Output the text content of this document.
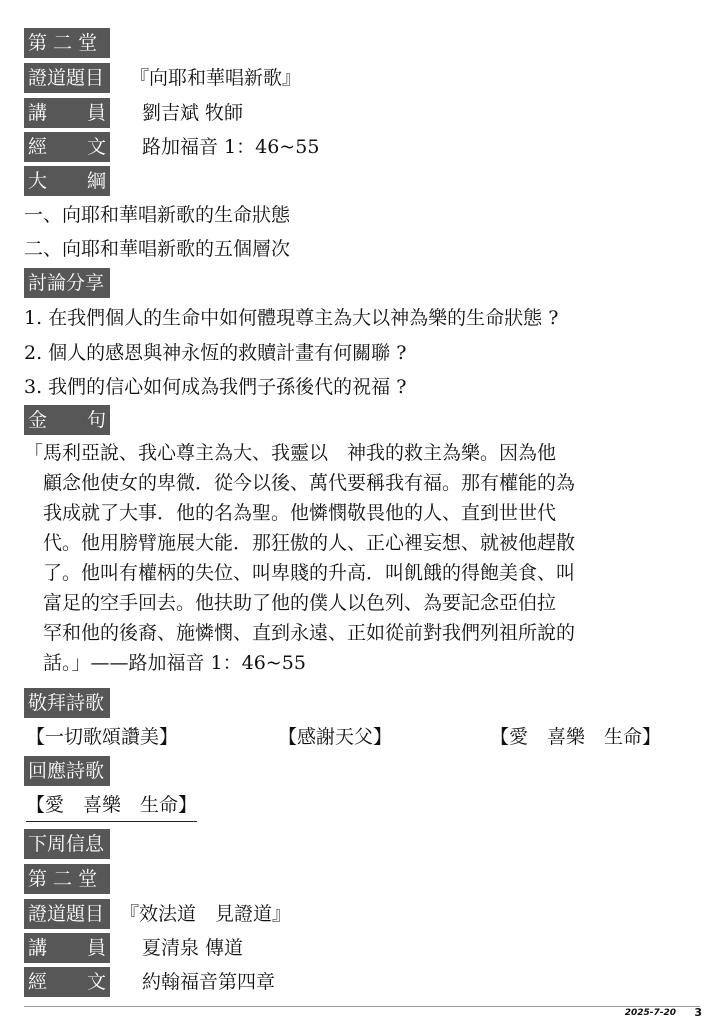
第 二 堂
證道題目	『向耶和華唱新歌』
講 員 劉吉斌 牧師
經 文 路加福音 1：46~55
大 綱
一、向耶和華唱新歌的生命狀態
二、向耶和華唱新歌的五個層次
討論分享
1. 在我們個人的生命中如何體現尊主為大以神為樂的生命狀態 ?
2. 個人的感恩與神永恆的救贖計畫有何關聯 ?
3. 我們的信心如何成為我們子孫後代的祝福 ?
金 句
「馬利亞說、我心尊主為大、我靈以　神我的救主為樂。因為他
　顧念他使女的卑微．從今以後、萬代要稱我有福。那有權能的為
　我成就了大事．他的名為聖。他憐憫敬畏他的人、直到世世代
　代。他用膀臂施展大能．那狂傲的人、正心裡妄想、就被他趕散
　了。他叫有權柄的失位、叫卑賤的升高．叫飢餓的得飽美食、叫
　富足的空手回去。他扶助了他的僕人以色列、為要記念亞伯拉
　罕和他的後裔、施憐憫、直到永遠、正如從前對我們列祖所說的
　話。」——路加福音 1：46~55
敬拜詩歌
【一切歌頌讚美】	【感謝天父】	【愛　喜樂　生命】
回應詩歌
【愛　喜樂　生命】
下周信息
第 二 堂
證道題目 『效法道　見證道』
講 員 夏清泉 傳道
經 文 約翰福音第四章
2025-7-20 3
